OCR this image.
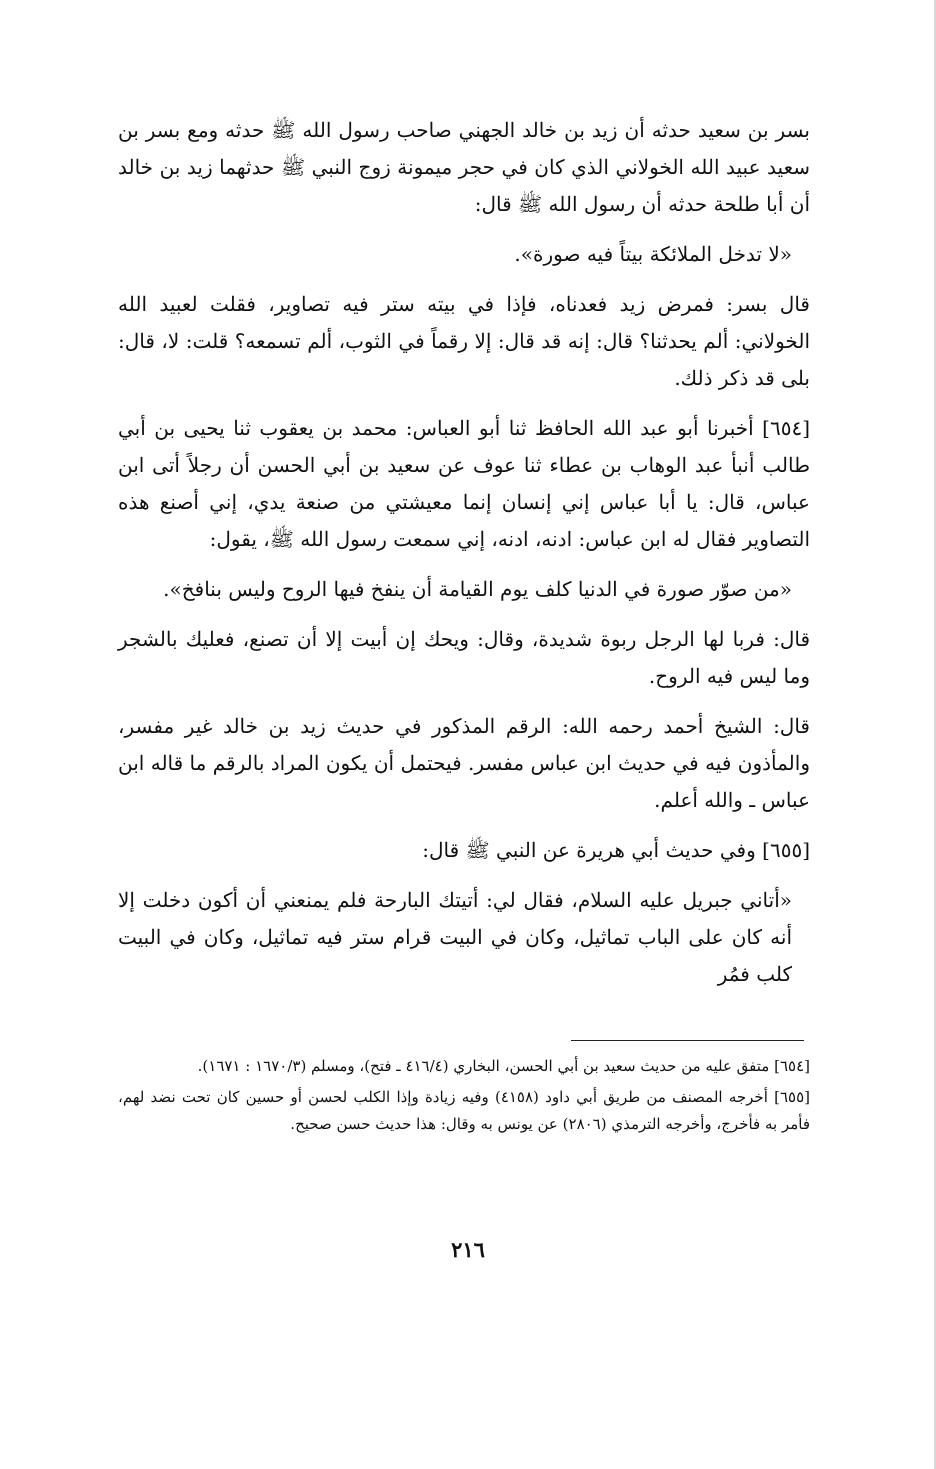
بسر بن سعيد حدثه أن زيد بن خالد الجهني صاحب رسول الله ﷺ حدثه ومع بسر بن سعيد عبيد الله الخولاني الذي كان في حجر ميمونة زوج النبي ﷺ حدثهما زيد بن خالد أن أبا طلحة حدثه أن رسول الله ﷺ قال:

«لا تدخل الملائكة بيتاً فيه صورة».

قال بسر: فمرض زيد فعدناه، فإذا في بيته ستر فيه تصاوير، فقلت لعبيد الله الخولاني: ألم يحدثنا؟ قال: إنه قد قال: إلا رقماً في الثوب، ألم تسمعه؟ قلت: لا، قال: بلى قد ذكر ذلك.

[٦٥٤] أخبرنا أبو عبد الله الحافظ ثنا أبو العباس: محمد بن يعقوب ثنا يحيى بن أبي طالب أنبأ عبد الوهاب بن عطاء ثنا عوف عن سعيد بن أبي الحسن أن رجلاً أتى ابن عباس، قال: يا أبا عباس إني إنسان إنما معيشتي من صنعة يدي، إني أصنع هذه التصاوير فقال له ابن عباس: ادنه، ادنه، إني سمعت رسول الله ﷺ، يقول:

«من صوّر صورة في الدنيا كلف يوم القيامة أن ينفخ فيها الروح وليس بنافخ».

قال: فربا لها الرجل ربوة شديدة، وقال: ويحك إن أبيت إلا أن تصنع، فعليك بالشجر وما ليس فيه الروح.

قال: الشيخ أحمد رحمه الله: الرقم المذكور في حديث زيد بن خالد غير مفسر، والمأذون فيه في حديث ابن عباس مفسر. فيحتمل أن يكون المراد بالرقم ما قاله ابن عباس ـ والله أعلم.

[٦٥٥] وفي حديث أبي هريرة عن النبي ﷺ قال:

«أتاني جبريل عليه السلام، فقال لي: أتيتك البارحة فلم يمنعني أن أكون دخلت إلا أنه كان على الباب تماثيل، وكان في البيت قرام ستر فيه تماثيل، وكان في البيت كلب فمُر

[٦٥٤] متفق عليه من حديث سعيد بن أبي الحسن، البخاري (٤١٦/٤ ـ فتح)، ومسلم (١٦٧٠/٣ : ١٦٧١).

[٦٥٥] أخرجه المصنف من طريق أبي داود (٤١٥٨) وفيه زيادة وإذا الكلب لحسن أو حسين كان تحت نضد لهم، فأمر به فأخرج، وأخرجه الترمذي (٢٨٠٦) عن يونس به وقال: هذا حديث حسن صحيح.

٢١٦
